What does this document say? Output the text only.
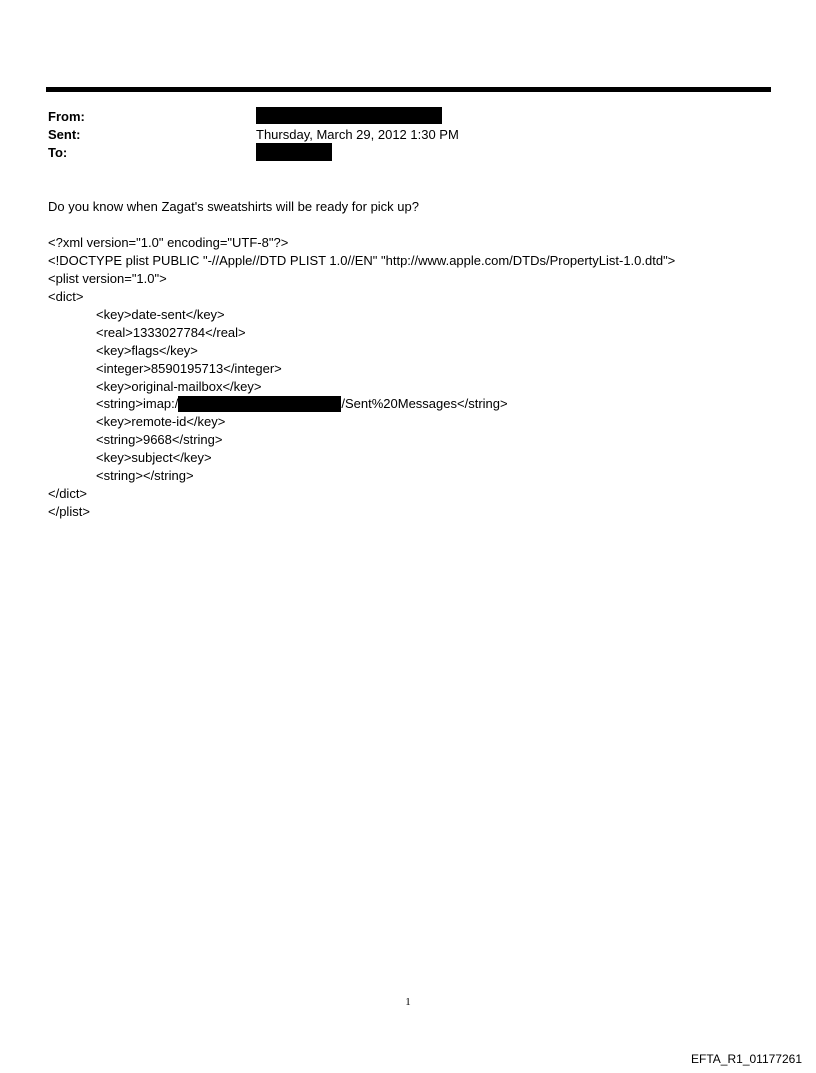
From:
Sent:	Thursday, March 29, 2012 1:30 PM
To:
Do you know when Zagat's sweatshirts will be ready for pick up?
<?xml version="1.0" encoding="UTF-8"?>
<!DOCTYPE plist PUBLIC "-//Apple//DTD PLIST 1.0//EN" "http://www.apple.com/DTDs/PropertyList-1.0.dtd">
<plist version="1.0">
<dict>
<key>date-sent</key>
<real>1333027784</real>
<key>flags</key>
<integer>8590195713</integer>
<key>original-mailbox</key>
<string>imap:/	/Sent%20Messages</string>
<key>remote-id</key>
<string>9668</string>
<key>subject</key>
<string></string>
</dict>
</plist>
1
EFTA_R1_01177261
